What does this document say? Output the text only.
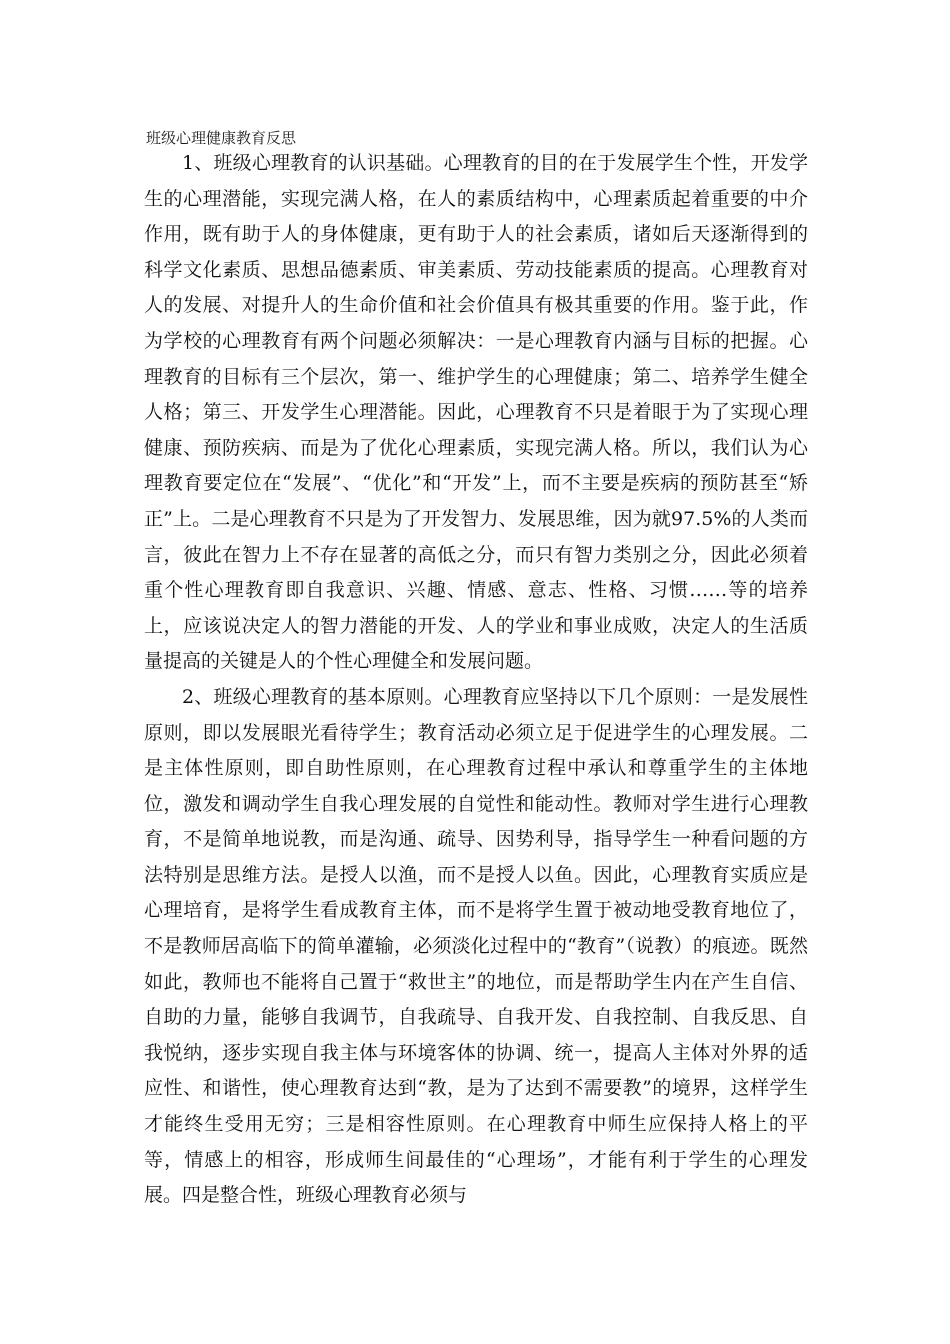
班级心理健康教育反思

1、班级心理教育的认识基础。心理教育的目的在于发展学生个性，开发学生的心理潜能，实现完满人格，在人的素质结构中，心理素质起着重要的中介作用，既有助于人的身体健康，更有助于人的社会素质，诸如后天逐渐得到的科学文化素质、思想品德素质、审美素质、劳动技能素质的提高。心理教育对人的发展、对提升人的生命价值和社会价值具有极其重要的作用。鉴于此，作为学校的心理教育有两个问题必须解决：一是心理教育内涵与目标的把握。心理教育的目标有三个层次，第一、维护学生的心理健康；第二、培养学生健全人格；第三、开发学生心理潜能。因此，心理教育不只是着眼于为了实现心理健康、预防疾病、而是为了优化心理素质，实现完满人格。所以，我们认为心理教育要定位在“发展”、“优化”和“开发”上，而不主要是疾病的预防甚至“矫正”上。二是心理教育不只是为了开发智力、发展思维，因为就97.5%的人类而言，彼此在智力上不存在显著的高低之分，而只有智力类别之分，因此必须着重个性心理教育即自我意识、兴趣、情感、意志、性格、习惯……等的培养上，应该说决定人的智力潜能的开发、人的学业和事业成败，决定人的生活质量提高的关键是人的个性心理健全和发展问题。

2、班级心理教育的基本原则。心理教育应坚持以下几个原则：一是发展性原则，即以发展眼光看待学生；教育活动必须立足于促进学生的心理发展。二是主体性原则，即自助性原则，在心理教育过程中承认和尊重学生的主体地位，激发和调动学生自我心理发展的自觉性和能动性。教师对学生进行心理教育，不是简单地说教，而是沟通、疏导、因势利导，指导学生一种看问题的方法特别是思维方法。是授人以渔，而不是授人以鱼。因此，心理教育实质应是心理培育，是将学生看成教育主体，而不是将学生置于被动地受教育地位了，不是教师居高临下的简单灌输，必须淡化过程中的“教育”（说教）的痕迹。既然如此，教师也不能将自己置于“救世主”的地位，而是帮助学生内在产生自信、自助的力量，能够自我调节，自我疏导、自我开发、自我控制、自我反思、自我悦纳，逐步实现自我主体与环境客体的协调、统一，提高人主体对外界的适应性、和谐性，使心理教育达到“教，是为了达到不需要教”的境界，这样学生才能终生受用无穷；三是相容性原则。在心理教育中师生应保持人格上的平等，情感上的相容，形成师生间最佳的“心理场”，才能有利于学生的心理发展。四是整合性，班级心理教育必须与
